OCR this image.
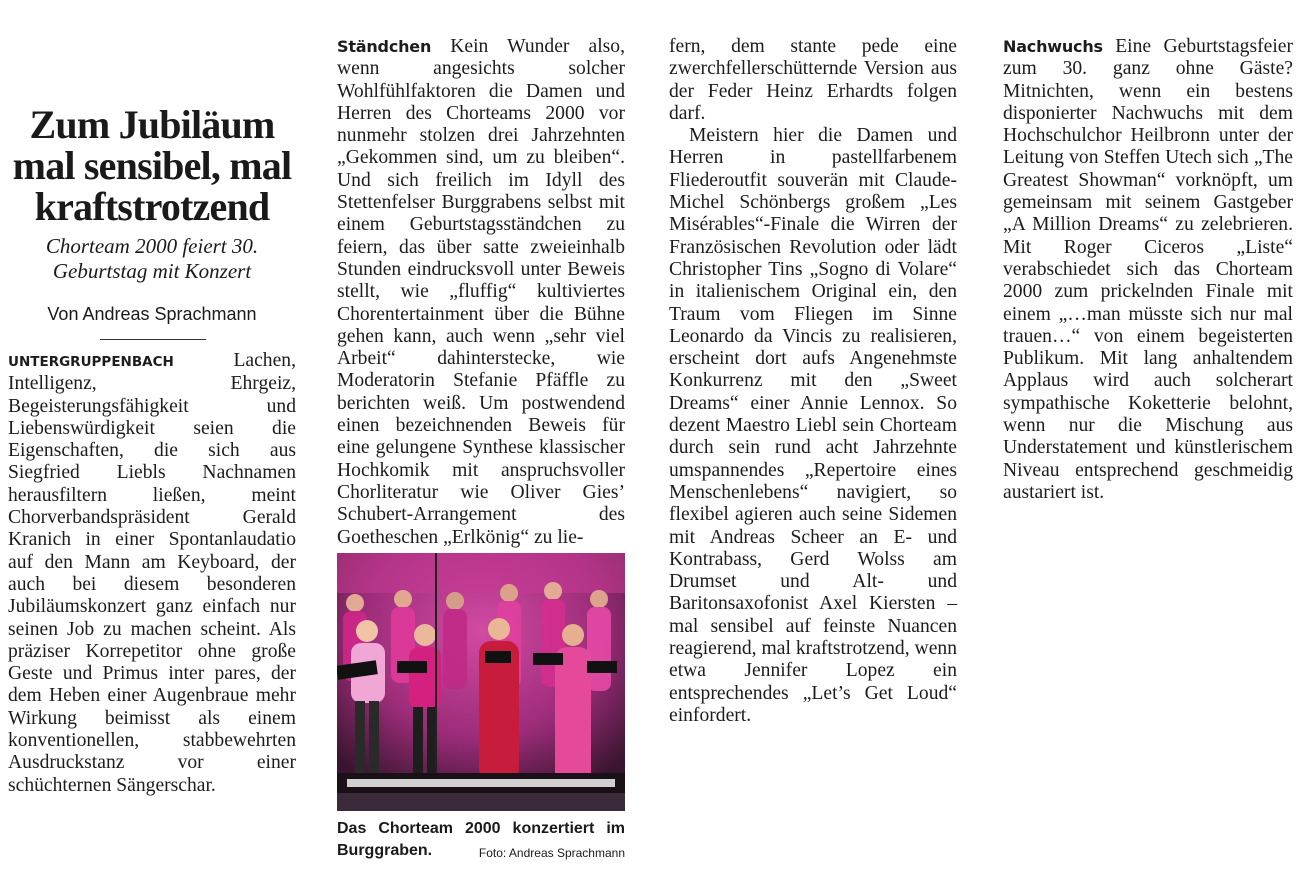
Zum Jubiläum mal sensibel, mal kraftstrotzend

Chorteam 2000 feiert 30. Geburtstag mit Konzert

Von Andreas Sprachmann

UNTERGRUPPENBACH	Lachen, Intelligenz, Ehrgeiz, Begeisterungsfähigkeit und Liebenswürdigkeit seien die Eigenschaften, die sich aus Siegfried Liebls Nachnamen herausfiltern ließen, meint Chorverbandspräsident Gerald Kranich in einer Spontanlaudatio auf den Mann am Keyboard, der auch bei diesem besonderen Jubiläumskonzert ganz einfach nur seinen Job zu machen scheint. Als präziser Korrepetitor ohne große Geste und Primus inter pares, der dem Heben einer Augenbraue mehr Wirkung beimisst als einem konventionellen, stabbewehrten Ausdruckstanz vor einer schüchternen Sängerschar.

Ständchen Kein Wunder also, wenn angesichts solcher Wohlfühlfaktoren die Damen und Herren des Chorteams 2000 vor nunmehr stolzen drei Jahrzehnten „Gekommen sind, um zu bleiben“. Und sich freilich im Idyll des Stettenfelser Burggrabens selbst mit einem Geburtstagsständchen zu feiern, das über satte zweieinhalb Stunden eindrucksvoll unter Beweis stellt, wie „fluffig“ kultiviertes Chorentertainment über die Bühne gehen kann, auch wenn „sehr viel Arbeit“ dahinterstecke, wie Moderatorin Stefanie Pfäffle zu berichten weiß. Um postwendend einen bezeichnenden Beweis für eine gelungene Synthese klassischer Hochkomik mit anspruchsvoller Chorliteratur wie Oliver Gies’ Schubert-Arrangement des Goetheschen „Erlkönig“ zu lie-

Das Chorteam 2000 konzertiert im Burggraben.	Foto: Andreas Sprachmann

fern, dem stante pede eine zwerchfellerschütternde Version aus der Feder Heinz Erhardts folgen darf.

Meistern hier die Damen und Herren in pastellfarbenem Fliederoutfit souverän mit Claude-Michel Schönbergs großem „Les Misérables“-Finale die Wirren der Französischen Revolution oder lädt Christopher Tins „Sogno di Volare“ in italienischem Original ein, den Traum vom Fliegen im Sinne Leonardo da Vincis zu realisieren, erscheint dort aufs Angenehmste Konkurrenz mit den „Sweet Dreams“ einer Annie Lennox. So dezent Maestro Liebl sein Chorteam durch sein rund acht Jahrzehnte umspannendes „Repertoire eines Menschenlebens“ navigiert, so flexibel agieren auch seine Sidemen mit Andreas Scheer an E- und Kontrabass, Gerd Wolss am Drumset und Alt- und Baritonsaxofonist Axel Kiersten – mal sensibel auf feinste Nuancen reagierend, mal kraftstrotzend, wenn etwa Jennifer Lopez ein entsprechendes „Let’s Get Loud“ einfordert.

Nachwuchs Eine Geburtstagsfeier zum 30. ganz ohne Gäste? Mitnichten, wenn ein bestens disponierter Nachwuchs mit dem Hochschulchor Heilbronn unter der Leitung von Steffen Utech sich „The Greatest Showman“ vorknöpft, um gemeinsam mit seinem Gastgeber „A Million Dreams“ zu zelebrieren. Mit Roger Ciceros „Liste“ verabschiedet sich das Chorteam 2000 zum prickelnden Finale mit einem „…man müsste sich nur mal trauen…“ von einem begeisterten Publikum. Mit lang anhaltendem Applaus wird auch solcherart sympathische Koketterie belohnt, wenn nur die Mischung aus Understatement und künstlerischem Niveau entsprechend geschmeidig austariert ist.
